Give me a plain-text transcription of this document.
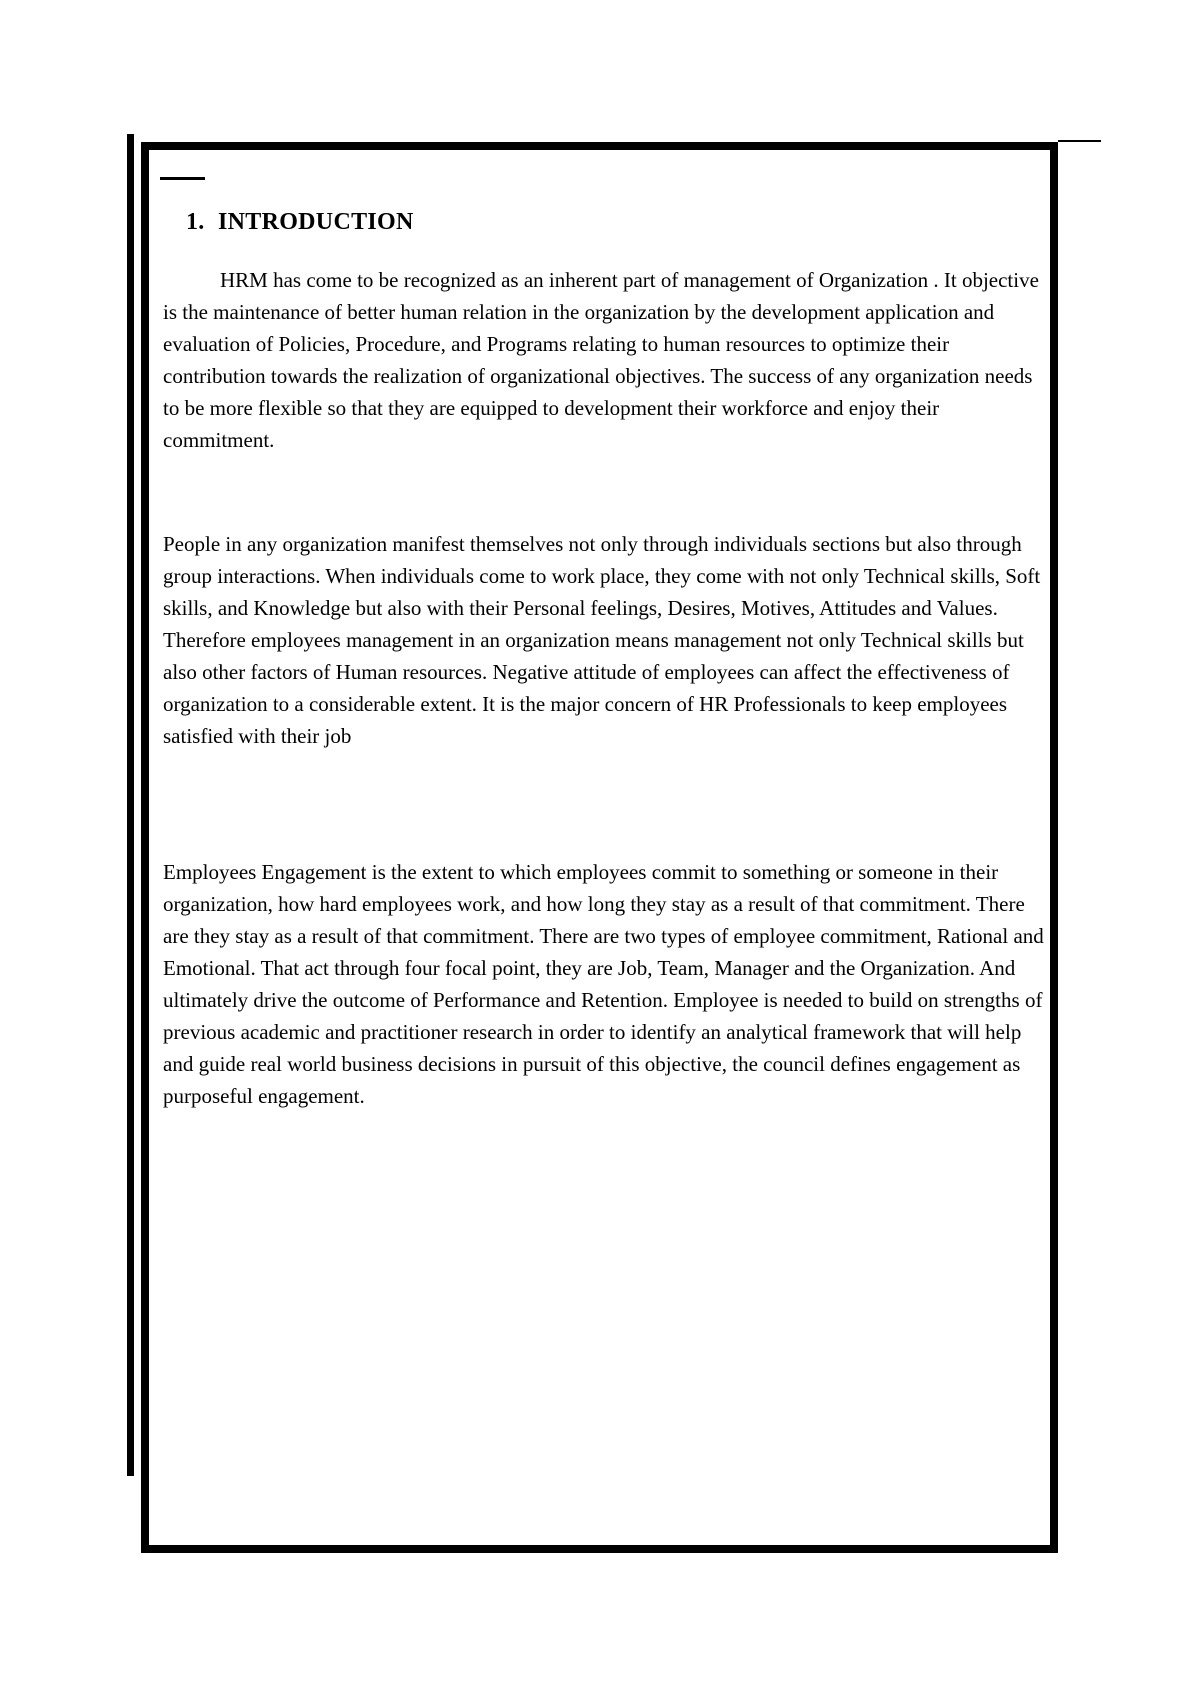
1. INTRODUCTION

HRM has come to be recognized as an inherent part of management of Organization . It objective is the maintenance of better human relation in the organization by the development application and evaluation of Policies, Procedure, and Programs relating to human resources to optimize their contribution towards the realization of organizational objectives. The success of any organization needs to be more flexible so that they are equipped to development their workforce and enjoy their commitment.

People in any organization manifest themselves not only through individuals sections but also through group interactions. When individuals come to work place, they come with not only Technical skills, Soft skills, and Knowledge but also with their Personal feelings, Desires, Motives, Attitudes and Values. Therefore employees management in an organization means management not only Technical skills but also other factors of Human resources. Negative attitude of employees can affect the effectiveness of organization to a considerable extent. It is the major concern of HR Professionals to keep employees satisfied with their job

Employees Engagement is the extent to which employees commit to something or someone in their organization, how hard employees work, and how long they stay as a result of that commitment. There are they stay as a result of that commitment. There are two types of employee commitment, Rational and Emotional. That act through four focal point, they are Job, Team, Manager and the Organization. And ultimately drive the outcome of Performance and Retention. Employee is needed to build on strengths of previous academic and practitioner research in order to identify an analytical framework that will help and guide real world business decisions in pursuit of this objective, the council defines engagement as purposeful engagement.
